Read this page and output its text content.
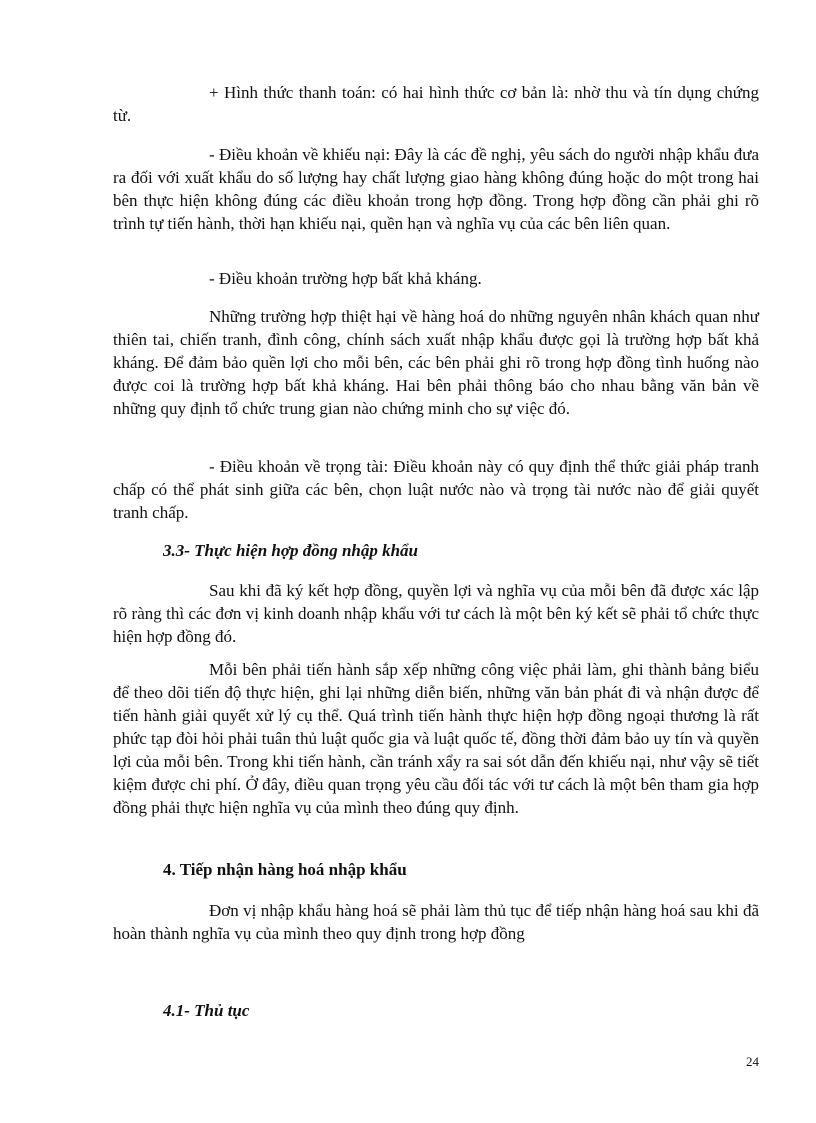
+ Hình thức thanh toán: có hai hình thức cơ bản là: nhờ thu và tín dụng chứng từ.

- Điều khoản về khiếu nại: Đây là các đề nghị, yêu sách do người nhập khẩu đưa ra đối với xuất khẩu do số lượng hay chất lượng giao hàng không đúng hoặc do một trong hai bên thực hiện không đúng các điều khoản trong hợp đồng. Trong hợp đồng cần phải ghi rõ trình tự tiến hành, thời hạn khiếu nại, quền hạn và nghĩa vụ của các bên liên quan.

- Điều khoản trường hợp bất khả kháng.

Những trường hợp thiệt hại về hàng hoá do những nguyên nhân khách quan như thiên tai, chiến tranh, đình công, chính sách xuất nhập khẩu được gọi là trường hợp bất khả kháng. Để đảm bảo quền lợi cho mỗi bên, các bên phải ghi rõ trong hợp đồng tình huống nào được coi là trường hợp bất khả kháng. Hai bên phải thông báo cho nhau bằng văn bản về những quy định tổ chức trung gian nào chứng minh cho sự việc đó.

- Điều khoản về trọng tài: Điều khoản này có quy định thể thức giải pháp tranh chấp có thể phát sinh giữa các bên, chọn luật nước nào và trọng tài nước nào để giải quyết tranh chấp.

3.3- Thực hiện hợp đồng nhập khẩu

Sau khi đã ký kết hợp đồng, quyền lợi và nghĩa vụ của mỗi bên đã được xác lập rõ ràng thì các đơn vị kinh doanh nhập khẩu với tư cách là một bên ký kết sẽ phải tổ chức thực hiện hợp đồng đó.

Mỗi bên phải tiến hành sắp xếp những công việc phải làm, ghi thành bảng biểu để theo dõi tiến độ thực hiện, ghi lại những diễn biến, những văn bản phát đi và nhận được để tiến hành giải quyết xử lý cụ thể. Quá trình tiến hành thực hiện hợp đồng ngoại thương là rất phức tạp đòi hỏi phải tuân thủ luật quốc gia và luật quốc tế, đồng thời đảm bảo uy tín và quyền lợi của mỗi bên. Trong khi tiến hành, cần tránh xẩy ra sai sót dẫn đến khiếu nại, như vậy sẽ tiết kiệm được chi phí. Ở đây, điều quan trọng yêu cầu đối tác với tư cách là một bên tham gia hợp đồng phải thực hiện nghĩa vụ của mình theo đúng quy định.

4. Tiếp nhận hàng hoá nhập khẩu

Đơn vị nhập khẩu hàng hoá sẽ phải làm thủ tục để tiếp nhận hàng hoá sau khi đã hoàn thành nghĩa vụ của mình theo quy định trong hợp đồng

4.1- Thủ tục

24
